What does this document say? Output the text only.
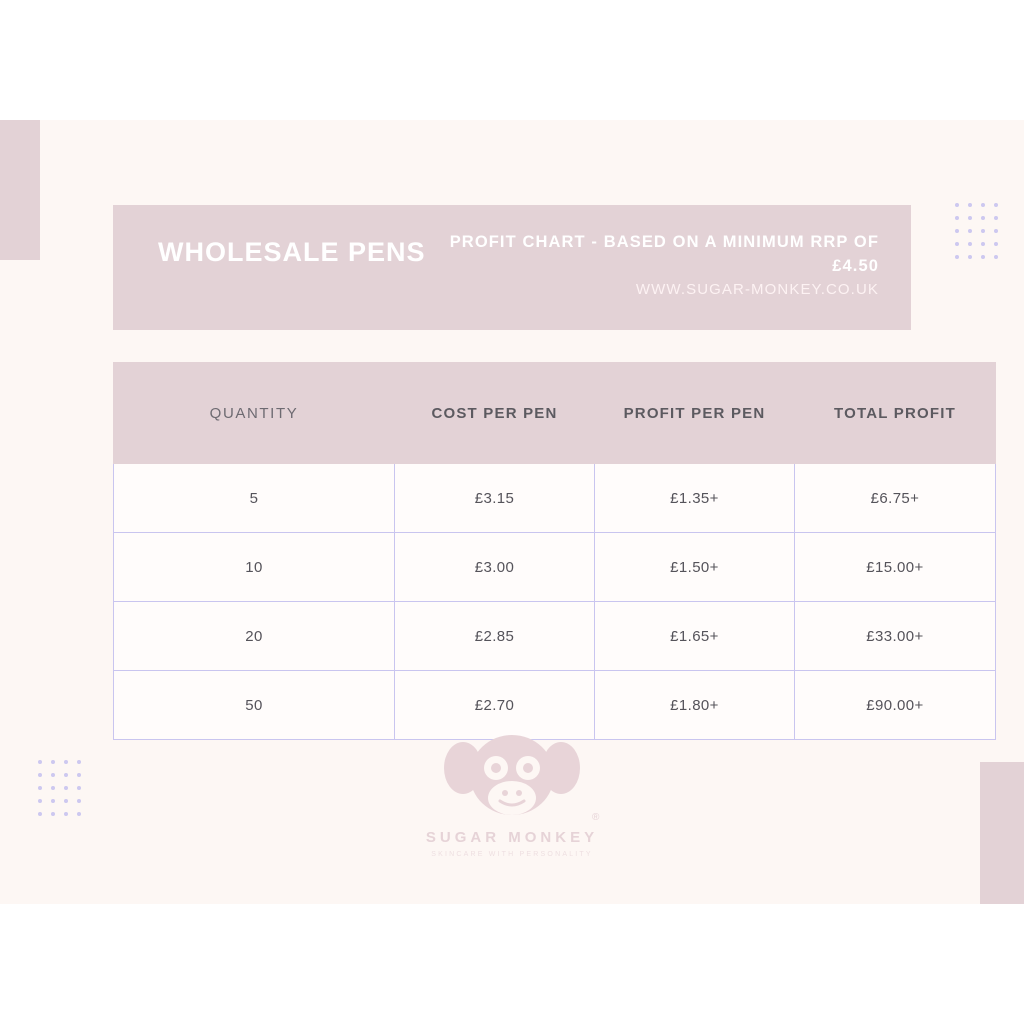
WHOLESALE PENS	PROFIT CHART - BASED ON A MINIMUM RRP OF £4.50
WWW.SUGAR-MONKEY.CO.UK
QUANTITY	COST PER PEN	PROFIT PER PEN	TOTAL PROFIT
5	£3.15	£1.35+	£6.75+
10	£3.00	£1.50+	£15.00+
20	£2.85	£1.65+	£33.00+
50	£2.70	£1.80+	£90.00+
SUGAR MONKEY
SKINCARE WITH PERSONALITY
®
